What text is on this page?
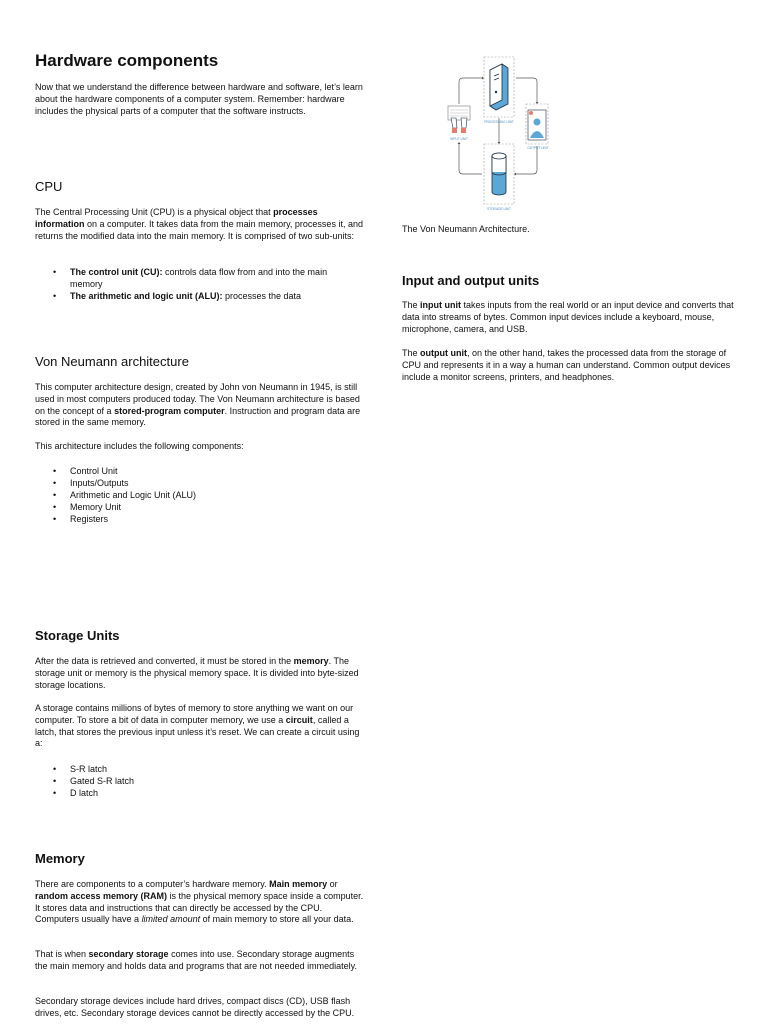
Hardware components

Now that we understand the difference between hardware and software, let’s learn about the hardware components of a computer system. Remember: hardware includes the physical parts of a computer that the software instructs.

CPU

The Central Processing Unit (CPU) is a physical object that processes information on a computer. It takes data from the main memory, processes it, and returns the modified data into the main memory. It is comprised of two sub-units:

• The control unit (CU): controls data flow from and into the main memory
• The arithmetic and logic unit (ALU): processes the data
Von Neumann architecture

This computer architecture design, created by John von Neumann in 1945, is still used in most computers produced today. The Von Neumann architecture is based on the concept of a stored-program computer. Instruction and program data are stored in the same memory.

This architecture includes the following components:

• Control Unit
• Inputs/Outputs
• Arithmetic and Logic Unit (ALU)
• Memory Unit
• Registers
Storage Units

After the data is retrieved and converted, it must be stored in the memory. The storage unit or memory is the physical memory space. It is divided into byte-sized storage locations.

A storage contains millions of bytes of memory to store anything we want on our computer. To store a bit of data in computer memory, we use a circuit, called a latch, that stores the previous input unless it’s reset. We can create a circuit using a:

• S-R latch
• Gated S-R latch
• D latch
Memory

There are components to a computer’s hardware memory. Main memory or random access memory (RAM) is the physical memory space inside a computer. It stores data and instructions that can directly be accessed by the CPU. Computers usually have a limited amount of main memory to store all your data.

That is when secondary storage comes into use. Secondary storage augments the main memory and holds data and programs that are not needed immediately.

Secondary storage devices include hard drives, compact discs (CD), USB flash drives, etc. Secondary storage devices cannot be directly accessed by the CPU.

PROCESSING UNIT
INPUT UNIT
OUTPUT UNIT
STORAGE UNIT

The Von Neumann Architecture.

Input and output units

The input unit takes inputs from the real world or an input device and converts that data into streams of bytes. Common input devices include a keyboard, mouse, microphone, camera, and USB.

The output unit, on the other hand, takes the processed data from the storage of CPU and represents it in a way a human can understand. Common output devices include a monitor screens, printers, and headphones.
